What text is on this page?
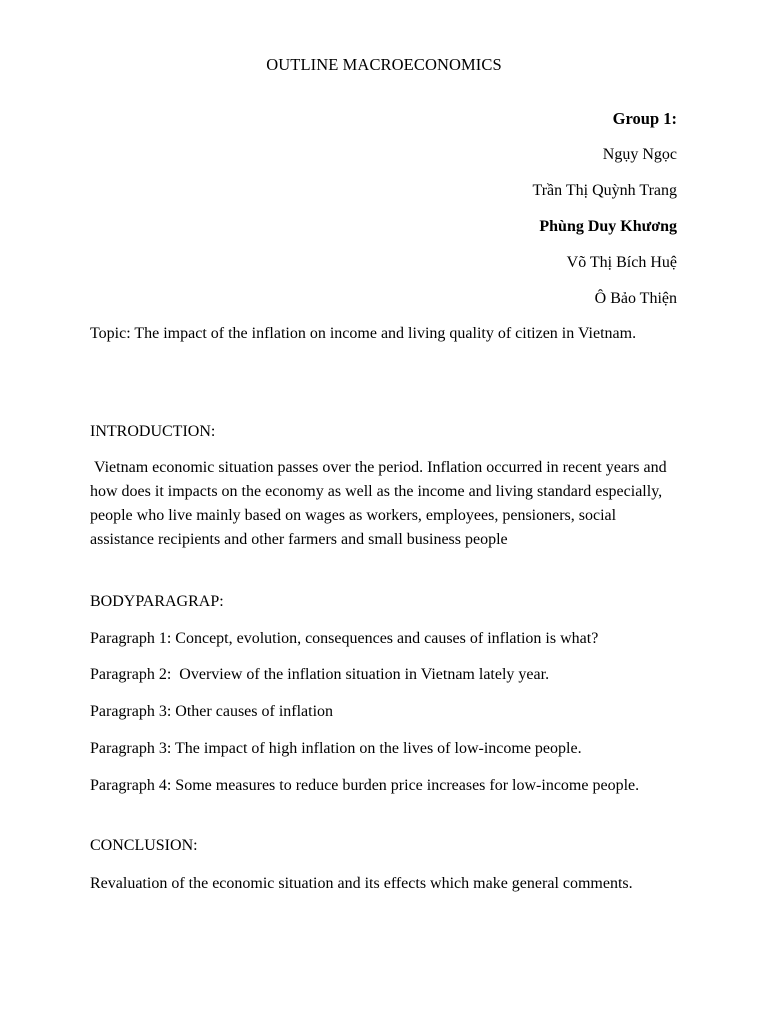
OUTLINE MACROECONOMICS
Group 1:
Ngụy Ngọc
Trần Thị Quỳnh Trang
Phùng Duy Khương
Võ Thị Bích Huệ
Ô Bảo Thiện
Topic: The impact of the inflation on income and living quality of citizen in Vietnam.
INTRODUCTION:
Vietnam economic situation passes over the period. Inflation occurred in recent years and how does it impacts on the economy as well as the income and living standard especially, people who live mainly based on wages as workers, employees, pensioners, social assistance recipients and other farmers and small business people
BODYPARAGRAP:
Paragraph 1: Concept, evolution, consequences and causes of inflation is what?
Paragraph 2:  Overview of the inflation situation in Vietnam lately year.
Paragraph 3: Other causes of inflation
Paragraph 3: The impact of high inflation on the lives of low-income people.
Paragraph 4: Some measures to reduce burden price increases for low-income people.
CONCLUSION:
Revaluation of the economic situation and its effects which make general comments.
